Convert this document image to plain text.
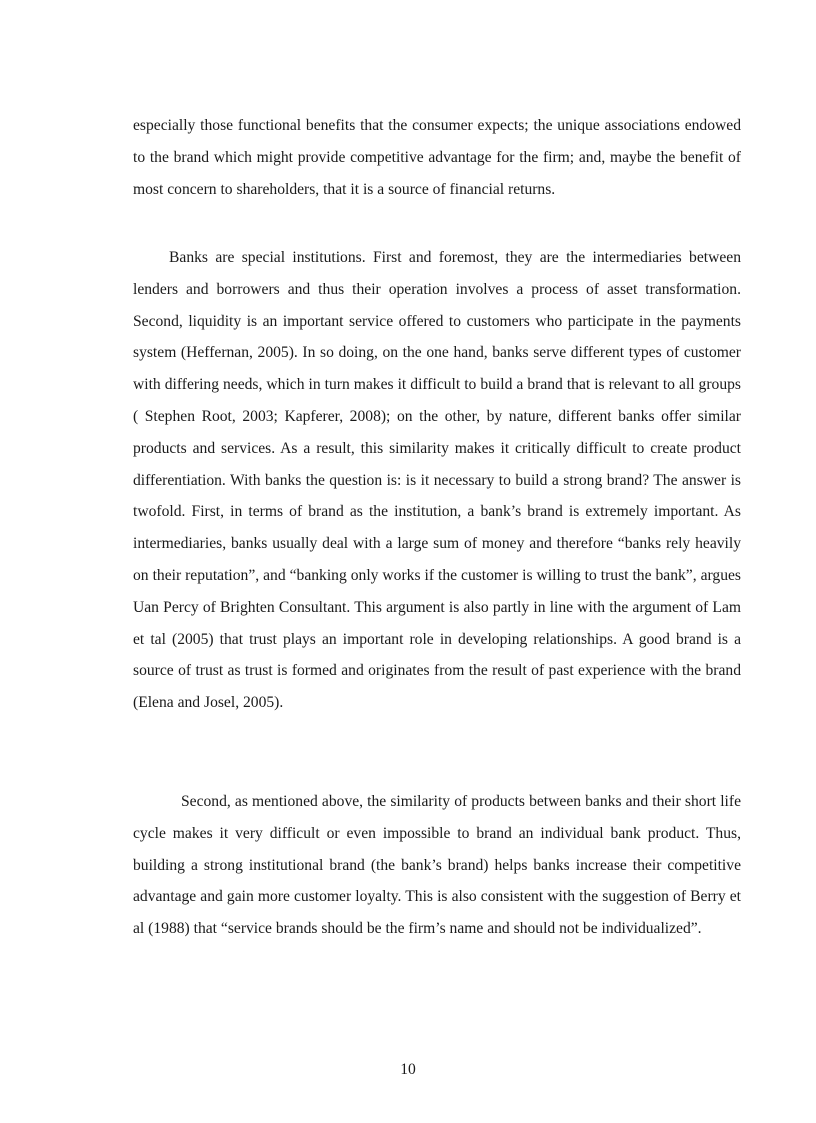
especially those functional benefits that the consumer expects; the unique associations endowed to the brand which might provide competitive advantage for the firm; and, maybe the benefit of most concern to shareholders, that it is a source of financial returns.

Banks are special institutions. First and foremost, they are the intermediaries between lenders and borrowers and thus their operation involves a process of asset transformation. Second, liquidity is an important service offered to customers who participate in the payments system (Heffernan, 2005). In so doing, on the one hand, banks serve different types of customer with differing needs, which in turn makes it difficult to build a brand that is relevant to all groups ( Stephen Root, 2003; Kapferer, 2008); on the other, by nature, different banks offer similar products and services. As a result, this similarity makes it critically difficult to create product differentiation. With banks the question is: is it necessary to build a strong brand? The answer is twofold. First, in terms of brand as the institution, a bank’s brand is extremely important. As intermediaries, banks usually deal with a large sum of money and therefore “banks rely heavily on their reputation”, and “banking only works if the customer is willing to trust the bank”, argues Uan Percy of Brighten Consultant. This argument is also partly in line with the argument of Lam et tal (2005) that trust plays an important role in developing relationships. A good brand is a source of trust as trust is formed and originates from the result of past experience with the brand (Elena and Josel, 2005).

Second, as mentioned above, the similarity of products between banks and their short life cycle makes it very difficult or even impossible to brand an individual bank product. Thus, building a strong institutional brand (the bank’s brand) helps banks increase their competitive advantage and gain more customer loyalty. This is also consistent with the suggestion of Berry et al (1988) that “service brands should be the firm’s name and should not be individualized”.

10
